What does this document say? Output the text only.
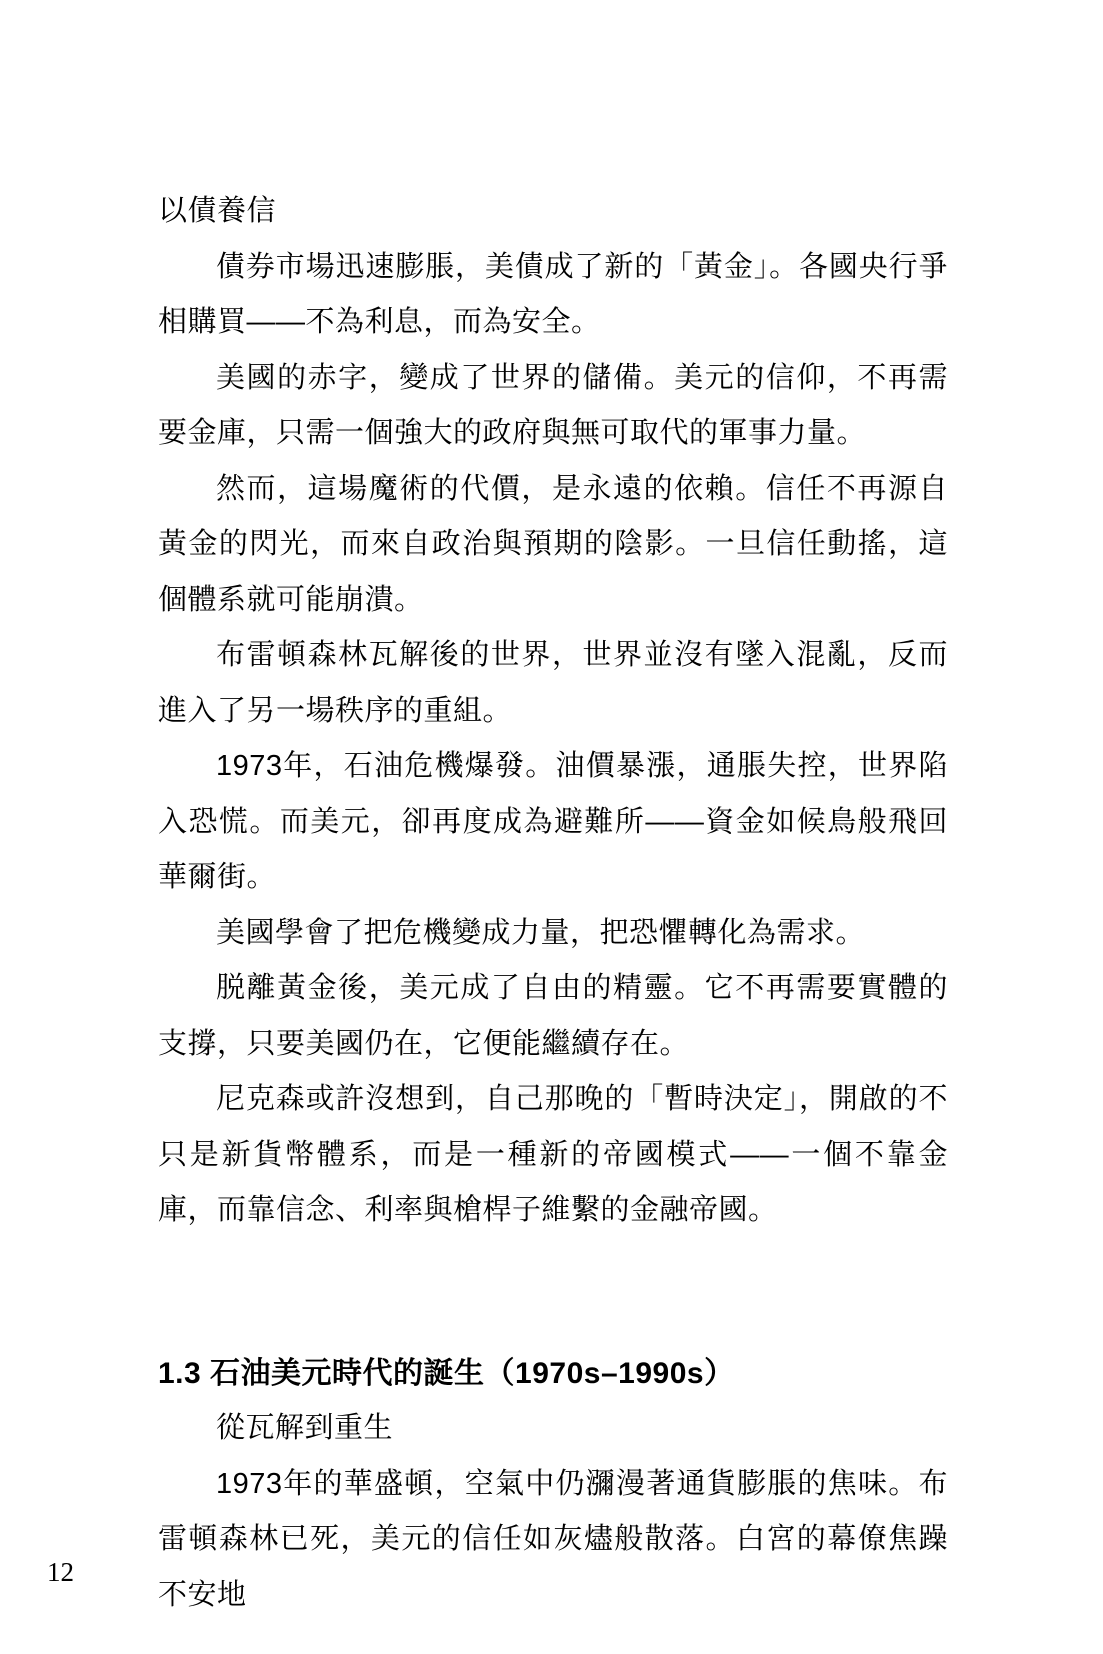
以債養信

債券市場迅速膨脹，美債成了新的「黃金」。各國央行爭相購買——不為利息，而為安全。

美國的赤字，變成了世界的儲備。美元的信仰，不再需要金庫，只需一個強大的政府與無可取代的軍事力量。

然而，這場魔術的代價，是永遠的依賴。信任不再源自黃金的閃光，而來自政治與預期的陰影。一旦信任動搖，這個體系就可能崩潰。

布雷頓森林瓦解後的世界，世界並沒有墜入混亂，反而進入了另一場秩序的重組。

1973年，石油危機爆發。油價暴漲，通脹失控，世界陷入恐慌。而美元，卻再度成為避難所——資金如候鳥般飛回華爾街。

美國學會了把危機變成力量，把恐懼轉化為需求。

脱離黃金後，美元成了自由的精靈。它不再需要實體的支撐，只要美國仍在，它便能繼續存在。

尼克森或許沒想到，自己那晚的「暫時決定」，開啟的不只是新貨幣體系，而是一種新的帝國模式——一個不靠金庫，而靠信念、利率與槍桿子維繫的金融帝國。

1.3 石油美元時代的誕生（1970s–1990s）

從瓦解到重生

1973年的華盛頓，空氣中仍瀰漫著通貨膨脹的焦味。布雷頓森林已死，美元的信任如灰燼般散落。白宮的幕僚焦躁不安地

12
